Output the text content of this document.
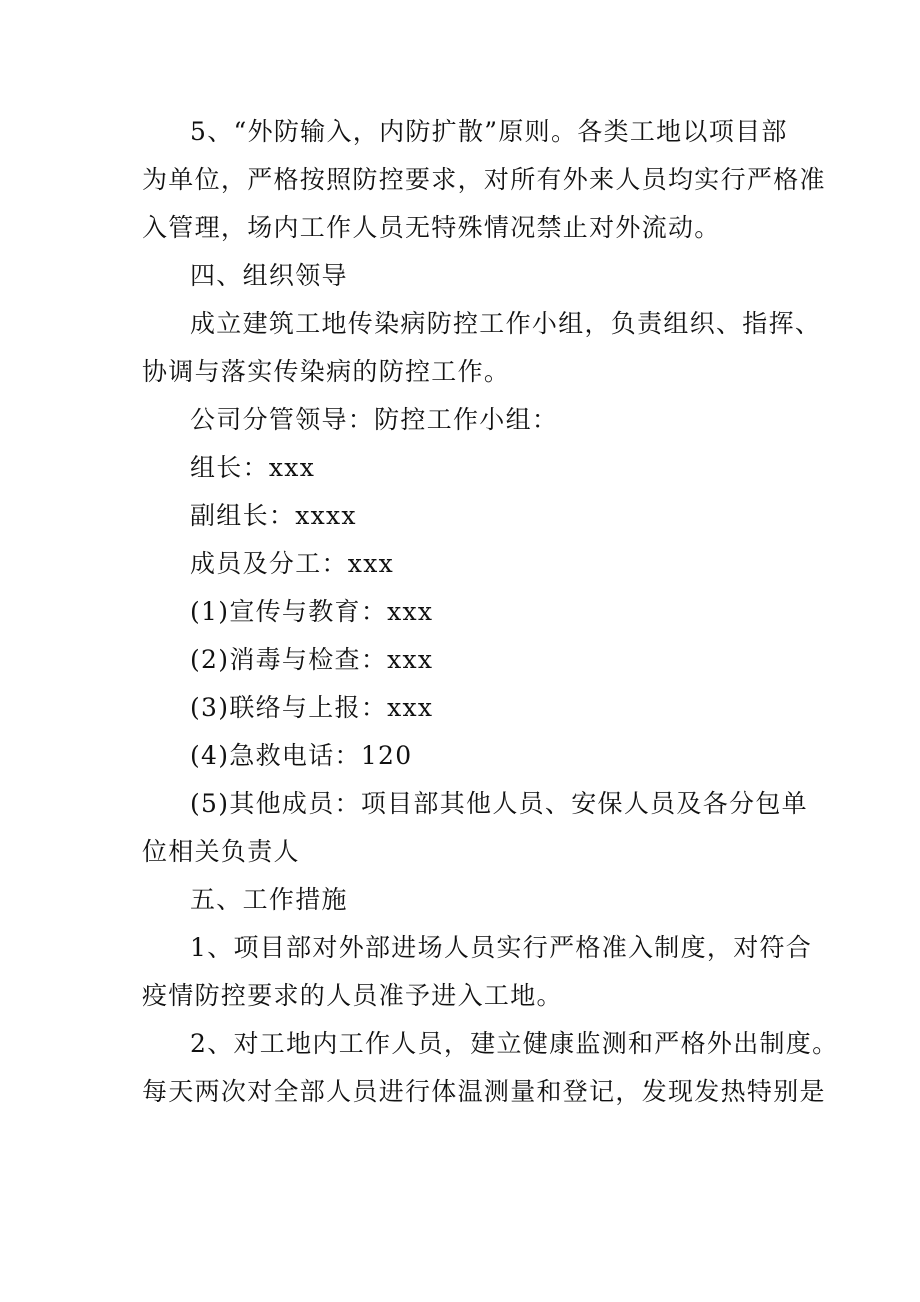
5、“外防输入，内防扩散”原则。各类工地以项目部
为单位，严格按照防控要求，对所有外来人员均实行严格准
入管理，场内工作人员无特殊情况禁止对外流动。
四、组织领导
成立建筑工地传染病防控工作小组，负责组织、指挥、
协调与落实传染病的防控工作。
公司分管领导：防控工作小组：
组长：xxx
副组长：xxxx
成员及分工：xxx
(1)宣传与教育：xxx
(2)消毒与检查：xxx
(3)联络与上报：xxx
(4)急救电话：120
(5)其他成员：项目部其他人员、安保人员及各分包单
位相关负责人
五、工作措施
1、项目部对外部进场人员实行严格准入制度，对符合
疫情防控要求的人员准予进入工地。
2、对工地内工作人员，建立健康监测和严格外出制度。
每天两次对全部人员进行体温测量和登记，发现发热特别是
